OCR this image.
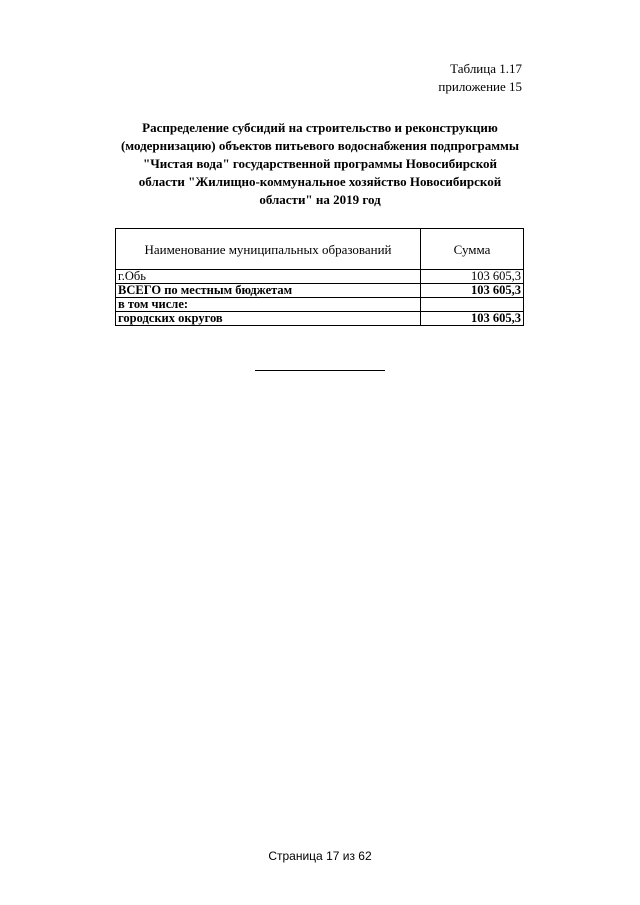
Таблица 1.17
приложение 15
Распределение субсидий на строительство и реконструкцию
(модернизацию) объектов питьевого водоснабжения подпрограммы
"Чистая вода" государственной программы Новосибирской
области "Жилищно-коммунальное хозяйство Новосибирской
области" на 2019 год
Наименование муниципальных образований	Сумма
г.Обь	103 605,3
ВСЕГО по местным бюджетам	103 605,3
в том числе:	
городских округов	103 605,3
Страница 17 из 62
